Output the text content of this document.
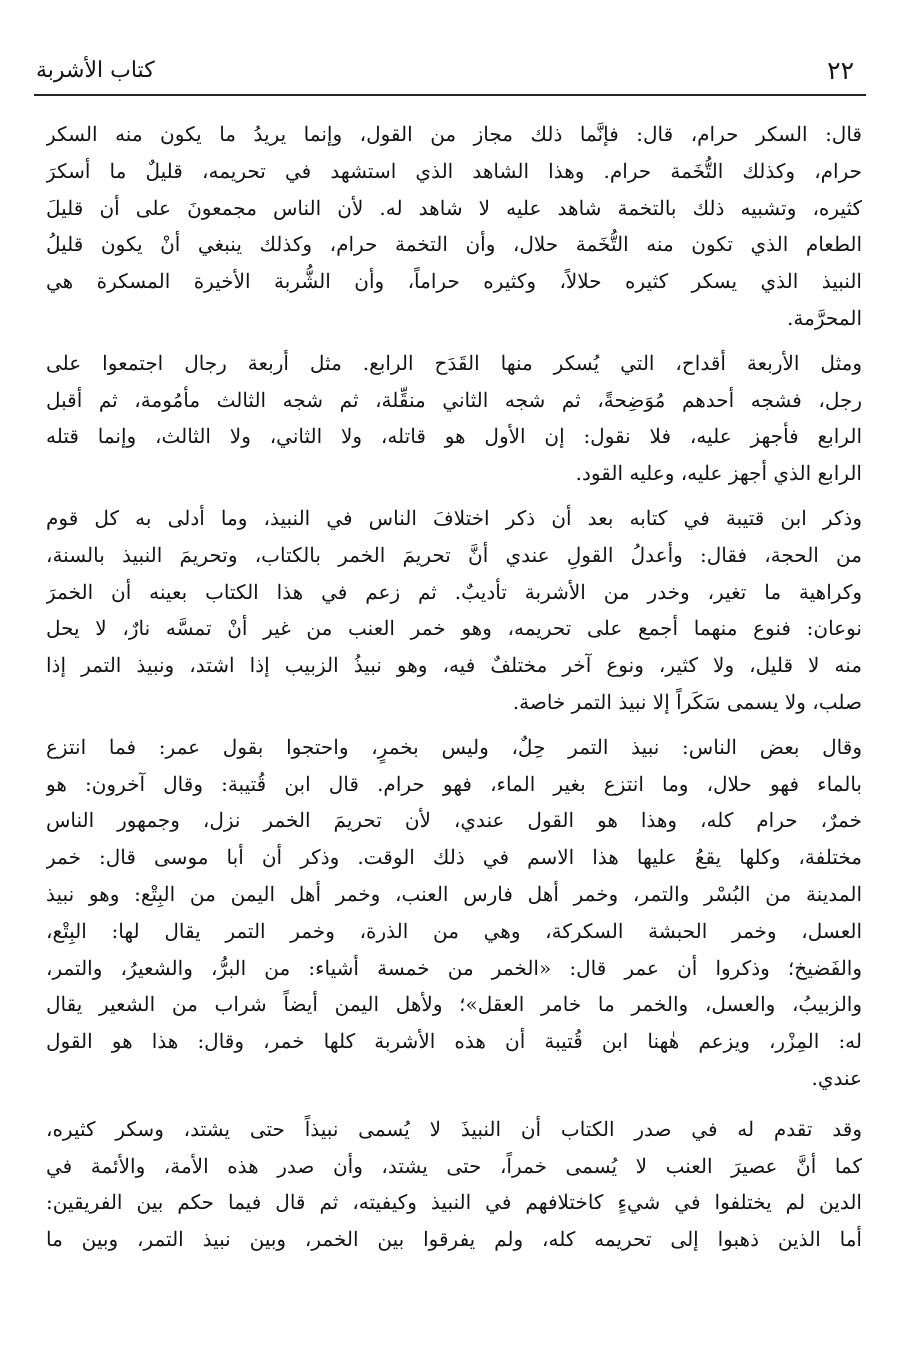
٢٢
كتاب الأشربة
قال: السكر حرام، قال: فإنَّما ذلك مجاز من القول، وإنما يريدُ ما يكون منه السكر
حرام، وكذلك التُّخَمة حرام. وهذا الشاهد الذي استشهد في تحريمه، قليلٌ ما أسكرَ
كثيره، وتشبيه ذلك بالتخمة شاهد عليه لا شاهد له. لأن الناس مجمعونَ على أن قليلَ
الطعام الذي تكون منه التُّخَمة حلال، وأن التخمة حرام، وكذلك ينبغي أنْ يكون قليلُ
النبيذ الذي يسكر كثيره حلالاً، وكثيره حراماً، وأن الشُّربة الأخيرة المسكرة هي
المحرَّمة.
ومثل الأربعة أقداح، التي يُسكر منها القَدَح الرابع. مثل أربعة رجال اجتمعوا على
رجل، فشجه أحدهم مُوَضِحةً، ثم شجه الثاني منقِّلة، ثم شجه الثالث مأمُومة، ثم أقبل
الرابع فأجهز عليه، فلا نقول: إن الأول هو قاتله، ولا الثاني، ولا الثالث، وإنما قتله
الرابع الذي أجهز عليه، وعليه القود.
وذكر ابن قتيبة في كتابه بعد أن ذكر اختلافَ الناس في النبيذ، وما أدلى به كل قوم
من الحجة، فقال: وأعدلُ القولِ عندي أنَّ تحريمَ الخمر بالكتاب، وتحريمَ النبيذ بالسنة،
وكراهية ما تغير، وخدر من الأشربة تأديبٌ. ثم زعم في هذا الكتاب بعينه أن الخمرَ
نوعان: فنوع منهما أجمع على تحريمه، وهو خمر العنب من غير أنْ تمسَّه نارٌ، لا يحل
منه لا قليل، ولا كثير، ونوع آخر مختلفٌ فيه، وهو نبيذُ الزبيب إذا اشتد، ونبيذ التمر إذا
صلب، ولا يسمى سَكَراً إلا نبيذ التمر خاصة.
وقال بعض الناس: نبيذ التمر حِلٌ، وليس بخمرٍ، واحتجوا بقول عمر: فما انتزع
بالماء فهو حلال، وما انتزع بغير الماء، فهو حرام. قال ابن قُتيبة: وقال آخرون: هو
خمرٌ، حرام كله، وهذا هو القول عندي، لأن تحريمَ الخمر نزل، وجمهور الناس
مختلفة، وكلها يقعُ عليها هذا الاسم في ذلك الوقت. وذكر أن أبا موسى قال: خمر
المدينة من البُسْر والتمر، وخمر أهل فارس العنب، وخمر أهل اليمن من البِتْع: وهو نبيذ
العسل، وخمر الحبشة السكركة، وهي من الذرة، وخمر التمر يقال لها: البِتْع،
والفَضيخ؛ وذكروا أن عمر قال: «الخمر من خمسة أشياء: من البرُّ، والشعيرُ، والتمر،
والزبيبُ، والعسل، والخمر ما خامر العقل»؛ ولأهل اليمن أيضاً شراب من الشعير يقال
له: المِزْر، ويزعم هٰهنا ابن قُتيبة أن هذه الأشربة كلها خمر، وقال: هذا هو القول
عندي.
وقد تقدم له في صدر الكتاب أن النبيذَ لا يُسمى نبيذاً حتى يشتد، وسكر كثيره،
كما أنَّ عصيرَ العنب لا يُسمى خمراً، حتى يشتد، وأن صدر هذه الأمة، والأئمة في
الدين لم يختلفوا في شيءٍ كاختلافهم في النبيذ وكيفيته، ثم قال فيما حكم بين الفريقين:
أما الذين ذهبوا إلى تحريمه كله، ولم يفرقوا بين الخمر، وبين نبيذ التمر، وبين ما
